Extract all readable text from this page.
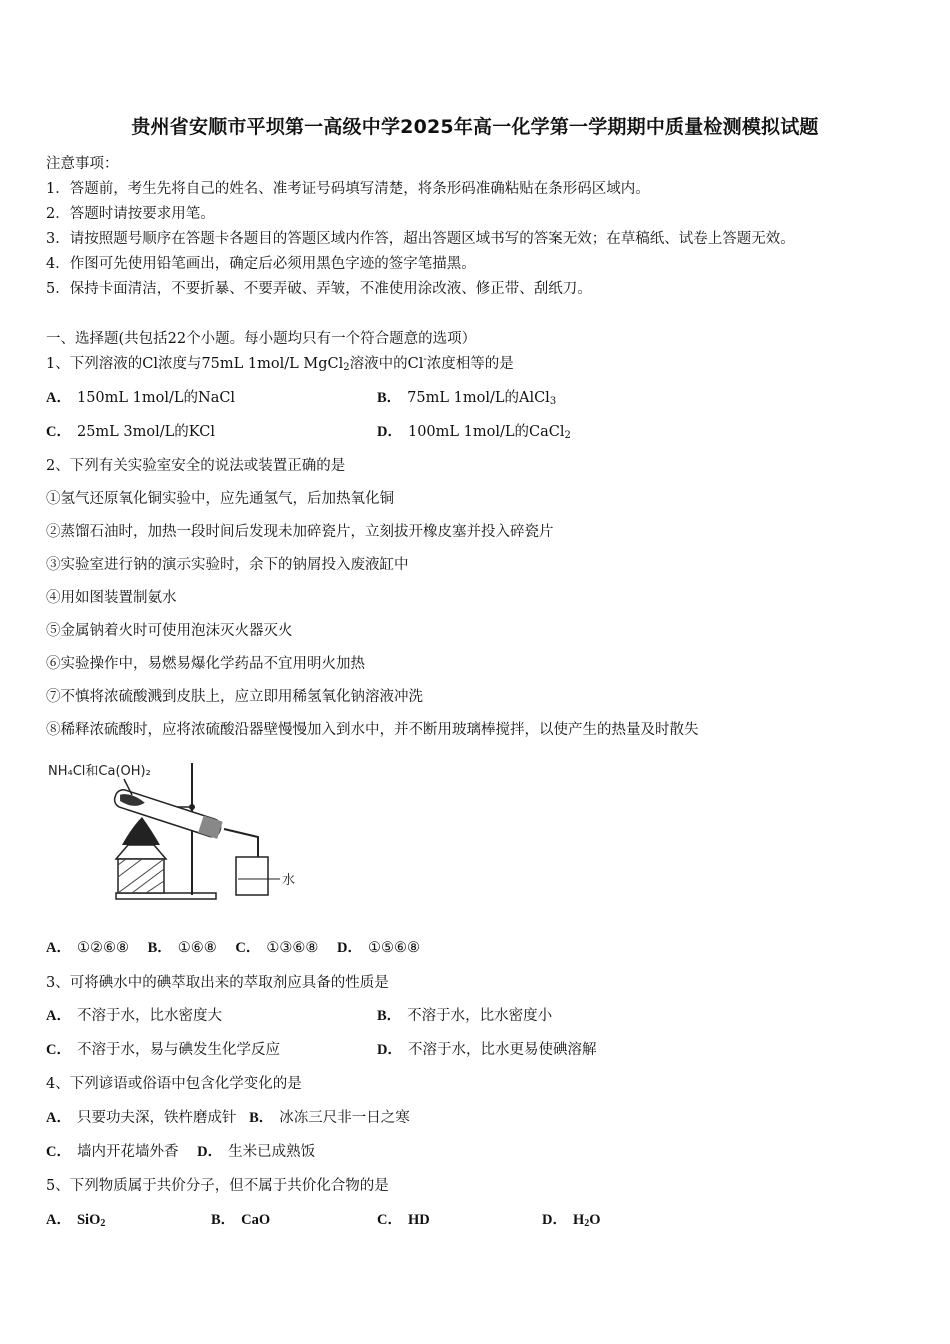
贵州省安顺市平坝第一高级中学2025年高一化学第一学期期中质量检测模拟试题
注意事项：
1．答题前，考生先将自己的姓名、准考证号码填写清楚，将条形码准确粘贴在条形码区域内。
2．答题时请按要求用笔。
3．请按照题号顺序在答题卡各题目的答题区域内作答，超出答题区域书写的答案无效；在草稿纸、试卷上答题无效。
4．作图可先使用铅笔画出，确定后必须用黑色字迹的签字笔描黑。
5．保持卡面清洁，不要折暴、不要弄破、弄皱，不准使用涂改液、修正带、刮纸刀。
一、选择题(共包括22个小题。每小题均只有一个符合题意的选项）
1、下列溶液的Cl浓度与75mL 1mol/L MgCl$_2$溶液中的Cl-浓度相等的是
A． 150mL 1mol/L的NaCl	B． 75mL 1mol/L的AlCl$_3$
C． 25mL 3mol/L的KCl	D． 100mL 1mol/L的CaCl$_2$
2、下列有关实验室安全的说法或装置正确的是
①氢气还原氧化铜实验中，应先通氢气，后加热氧化铜
②蒸馏石油时，加热一段时间后发现未加碎瓷片，立刻拔开橡皮塞并投入碎瓷片
③实验室进行钠的演示实验时，余下的钠屑投入废液缸中
④用如图装置制氨水
⑤金属钠着火时可使用泡沫灭火器灭火
⑥实验操作中，易燃易爆化学药品不宜用明火加热
⑦不慎将浓硫酸溅到皮肤上，应立即用稀氢氧化钠溶液冲洗
⑧稀释浓硫酸时，应将浓硫酸沿器壁慢慢加入到水中，并不断用玻璃棒搅拌，以使产生的热量及时散失
NH₄Cl和Ca(OH)₂
水
A． ①②⑥⑧ B． ①⑥⑧ C． ①③⑥⑧ D． ①⑤⑥⑧
3、可将碘水中的碘萃取出来的萃取剂应具备的性质是
A． 不溶于水，比水密度大	B． 不溶于水，比水密度小
C． 不溶于水，易与碘发生化学反应	D． 不溶于水，比水更易使碘溶解
4、下列谚语或俗语中包含化学变化的是
A． 只要功夫深，铁杵磨成针 B． 冰冻三尺非一日之寒
C． 墙内开花墙外香 D． 生米已成熟饭
5、下列物质属于共价分子，但不属于共价化合物的是
A． SiO$_2$	B． CaO	C． HD	D． $H_2O$
